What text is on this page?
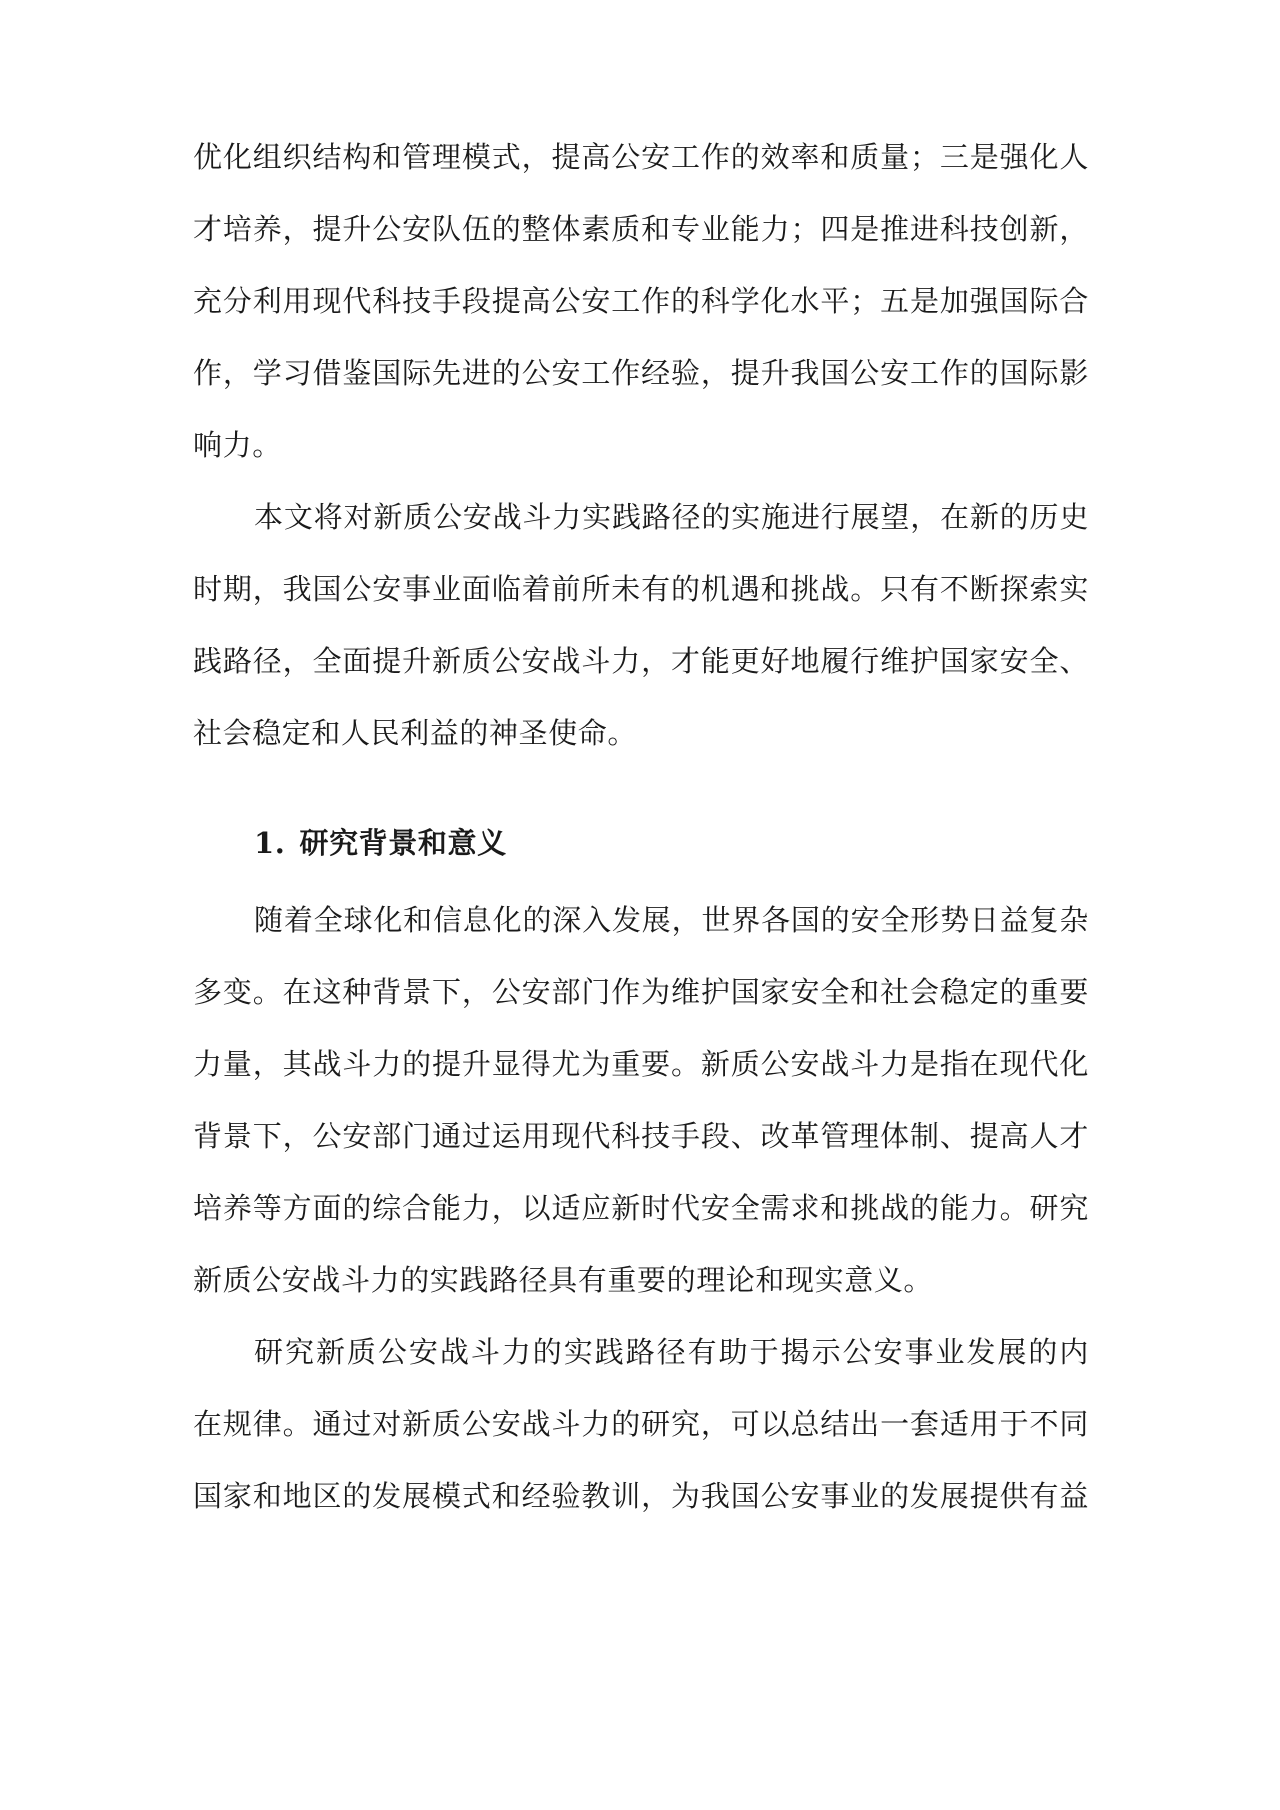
优化组织结构和管理模式，提高公安工作的效率和质量；三是强化人
才培养，提升公安队伍的整体素质和专业能力；四是推进科技创新，
充分利用现代科技手段提高公安工作的科学化水平；五是加强国际合
作，学习借鉴国际先进的公安工作经验，提升我国公安工作的国际影
响力。
本文将对新质公安战斗力实践路径的实施进行展望，在新的历史
时期，我国公安事业面临着前所未有的机遇和挑战。只有不断探索实
践路径，全面提升新质公安战斗力，才能更好地履行维护国家安全、
社会稳定和人民利益的神圣使命。
1. 研究背景和意义
随着全球化和信息化的深入发展，世界各国的安全形势日益复杂
多变。在这种背景下，公安部门作为维护国家安全和社会稳定的重要
力量，其战斗力的提升显得尤为重要。新质公安战斗力是指在现代化
背景下，公安部门通过运用现代科技手段、改革管理体制、提高人才
培养等方面的综合能力，以适应新时代安全需求和挑战的能力。研究
新质公安战斗力的实践路径具有重要的理论和现实意义。
研究新质公安战斗力的实践路径有助于揭示公安事业发展的内
在规律。通过对新质公安战斗力的研究，可以总结出一套适用于不同
国家和地区的发展模式和经验教训，为我国公安事业的发展提供有益
